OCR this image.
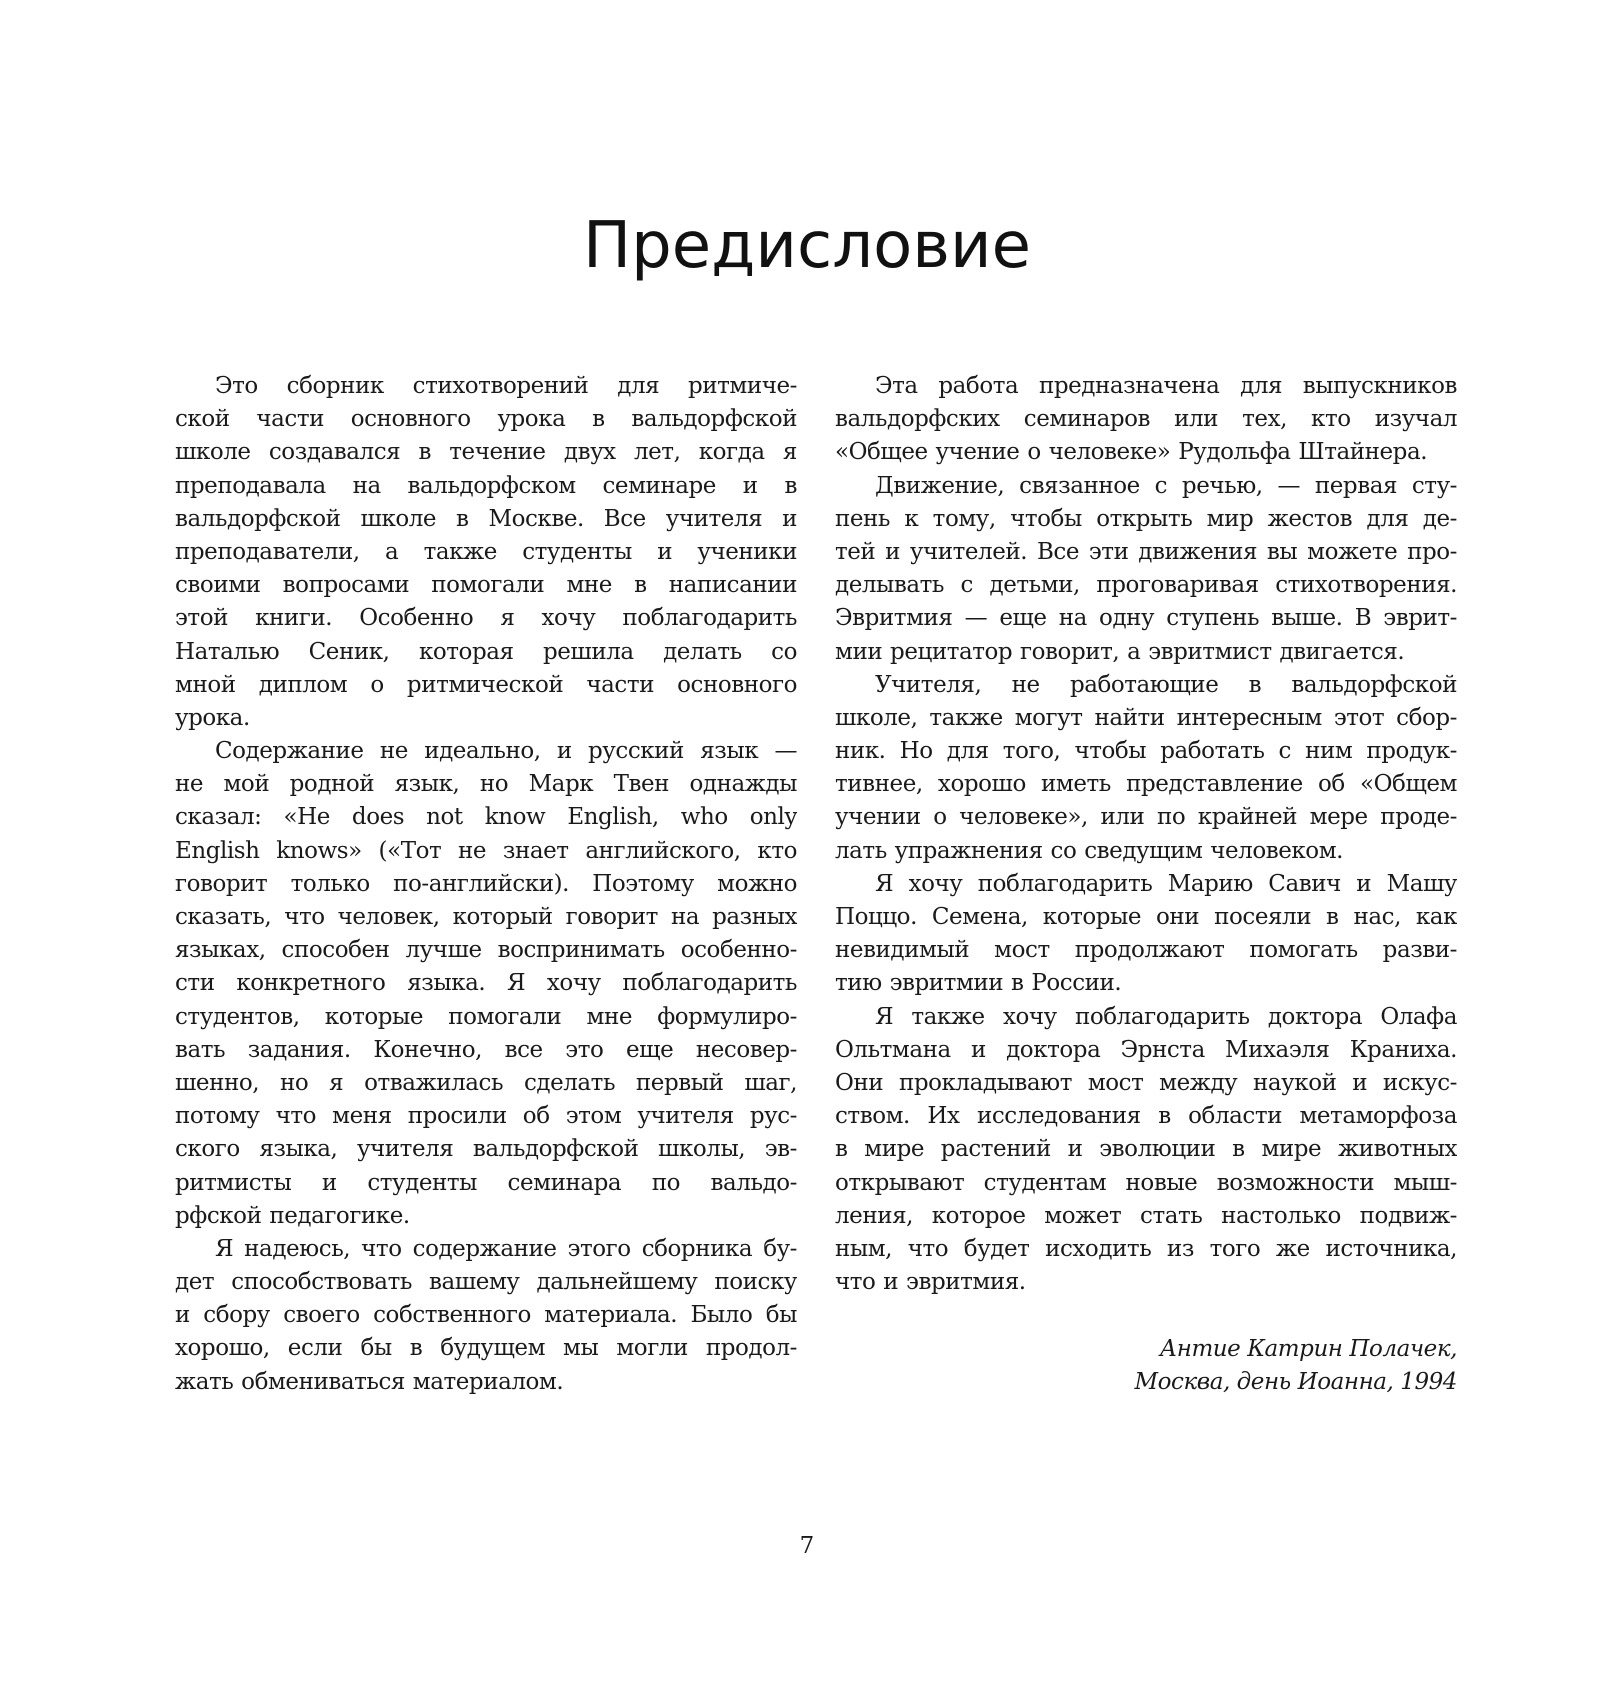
Предисловие
Это сборник стихотворений для ритмиче-
ской части основного урока в вальдорфской
школе создавался в течение двух лет, когда я
преподавала на вальдорфском семинаре и в
вальдорфской школе в Москве. Все учителя и
преподаватели, а также студенты и ученики
своими вопросами помогали мне в написании
этой книги. Особенно я хочу поблагодарить
Наталью Сеник, которая решила делать со
мной диплом о ритмической части основного
урока.
Содержание не идеально, и русский язык —
не мой родной язык, но Марк Твен однажды
сказал: «He does not know English, who only
English knows» («Тот не знает английского, кто
говорит только по-английски). Поэтому можно
сказать, что человек, который говорит на разных
языках, способен лучше воспринимать особенно-
сти конкретного языка. Я хочу поблагодарить
студентов, которые помогали мне формулиро-
вать задания. Конечно, все это еще несовер-
шенно, но я отважилась сделать первый шаг,
потому что меня просили об этом учителя рус-
ского языка, учителя вальдорфской школы, эв-
ритмисты и студенты семинара по вальдо-
рфской педагогике.
Я надеюсь, что содержание этого сборника бу-
дет способствовать вашему дальнейшему поиску
и сбору своего собственного материала. Было бы
хорошо, если бы в будущем мы могли продол-
жать обмениваться материалом.
Эта работа предназначена для выпускников
вальдорфских семинаров или тех, кто изучал
«Общее учение о человеке» Рудольфа Штайнера.
Движение, связанное с речью, — первая сту-
пень к тому, чтобы открыть мир жестов для де-
тей и учителей. Все эти движения вы можете про-
делывать с детьми, проговаривая стихотворения.
Эвритмия — еще на одну ступень выше. В эврит-
мии рецитатор говорит, а эвритмист двигается.
Учителя, не работающие в вальдорфской
школе, также могут найти интересным этот сбор-
ник. Но для того, чтобы работать с ним продук-
тивнее, хорошо иметь представление об «Общем
учении о человеке», или по крайней мере проде-
лать упражнения со сведущим человеком.
Я хочу поблагодарить Марию Савич и Машу
Поццо. Семена, которые они посеяли в нас, как
невидимый мост продолжают помогать разви-
тию эвритмии в России.
Я также хочу поблагодарить доктора Олафа
Ольтмана и доктора Эрнста Михаэля Краниха.
Они прокладывают мост между наукой и искус-
ством. Их исследования в области метаморфоза
в мире растений и эволюции в мире животных
открывают студентам новые возможности мыш-
ления, которое может стать настолько подвиж-
ным, что будет исходить из того же источника,
что и эвритмия.
Антие Катрин Полачек,
Москва, день Иоанна, 1994
7
